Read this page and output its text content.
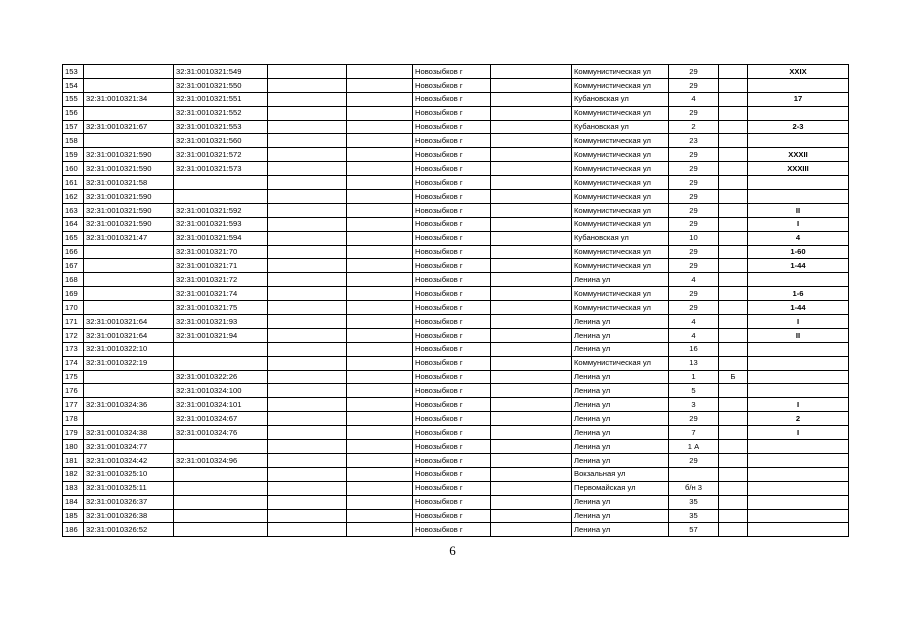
153		32:31:0010321:549			Новозыбков г		Коммунистическая ул	29		XXIX
154		32:31:0010321:550			Новозыбков г		Коммунистическая ул	29		
155	32:31:0010321:34	32:31:0010321:551			Новозыбков г		Кубановская ул	4		17
156		32:31:0010321:552			Новозыбков г		Коммунистическая ул	29		
157	32:31:0010321:67	32:31:0010321:553			Новозыбков г		Кубановская ул	2		2-3
158		32:31:0010321:560			Новозыбков г		Коммунистическая ул	23		
159	32:31:0010321:590	32:31:0010321:572			Новозыбков г		Коммунистическая ул	29		XXXII
160	32:31:0010321:590	32:31:0010321:573			Новозыбков г		Коммунистическая ул	29		XXXIII
161	32:31:0010321:58				Новозыбков г		Коммунистическая ул	29		
162	32:31:0010321:590				Новозыбков г		Коммунистическая ул	29		
163	32:31:0010321:590	32:31:0010321:592			Новозыбков г		Коммунистическая ул	29		II
164	32:31:0010321:590	32:31:0010321:593			Новозыбков г		Коммунистическая ул	29		I
165	32:31:0010321:47	32:31:0010321:594			Новозыбков г		Кубановская ул	10		4
166		32:31:0010321:70			Новозыбков г		Коммунистическая ул	29		1-60
167		32:31:0010321:71			Новозыбков г		Коммунистическая ул	29		1-44
168		32:31:0010321:72			Новозыбков г		Ленина ул	4		
169		32:31:0010321:74			Новозыбков г		Коммунистическая ул	29		1-6
170		32:31:0010321:75			Новозыбков г		Коммунистическая ул	29		1-44
171	32:31:0010321:64	32:31:0010321:93			Новозыбков г		Ленина ул	4		I
172	32:31:0010321:64	32:31:0010321:94			Новозыбков г		Ленина ул	4		II
173	32:31:0010322:10				Новозыбков г		Ленина ул	16		
174	32:31:0010322:19				Новозыбков г		Коммунистическая ул	13		
175		32:31:0010322:26			Новозыбков г		Ленина ул	1	Б	
176		32:31:0010324:100			Новозыбков г		Ленина ул	5		
177	32:31:0010324:36	32:31:0010324:101			Новозыбков г		Ленина ул	3		I
178		32:31:0010324:67			Новозыбков г		Ленина ул	29		2
179	32:31:0010324:38	32:31:0010324:76			Новозыбков г		Ленина ул	7		I
180	32:31:0010324:77				Новозыбков г		Ленина ул	1 А		
181	32:31:0010324:42	32:31:0010324:96			Новозыбков г		Ленина ул	29		
182	32:31:0010325:10				Новозыбков г		Вокзальная ул			
183	32:31:0010325:11				Новозыбков г		Первомайская ул	б/н 3		
184	32:31:0010326:37				Новозыбков г		Ленина ул	35		
185	32:31:0010326:38				Новозыбков г		Ленина ул	35		
186	32:31:0010326:52				Новозыбков г		Ленина ул	57		
6
